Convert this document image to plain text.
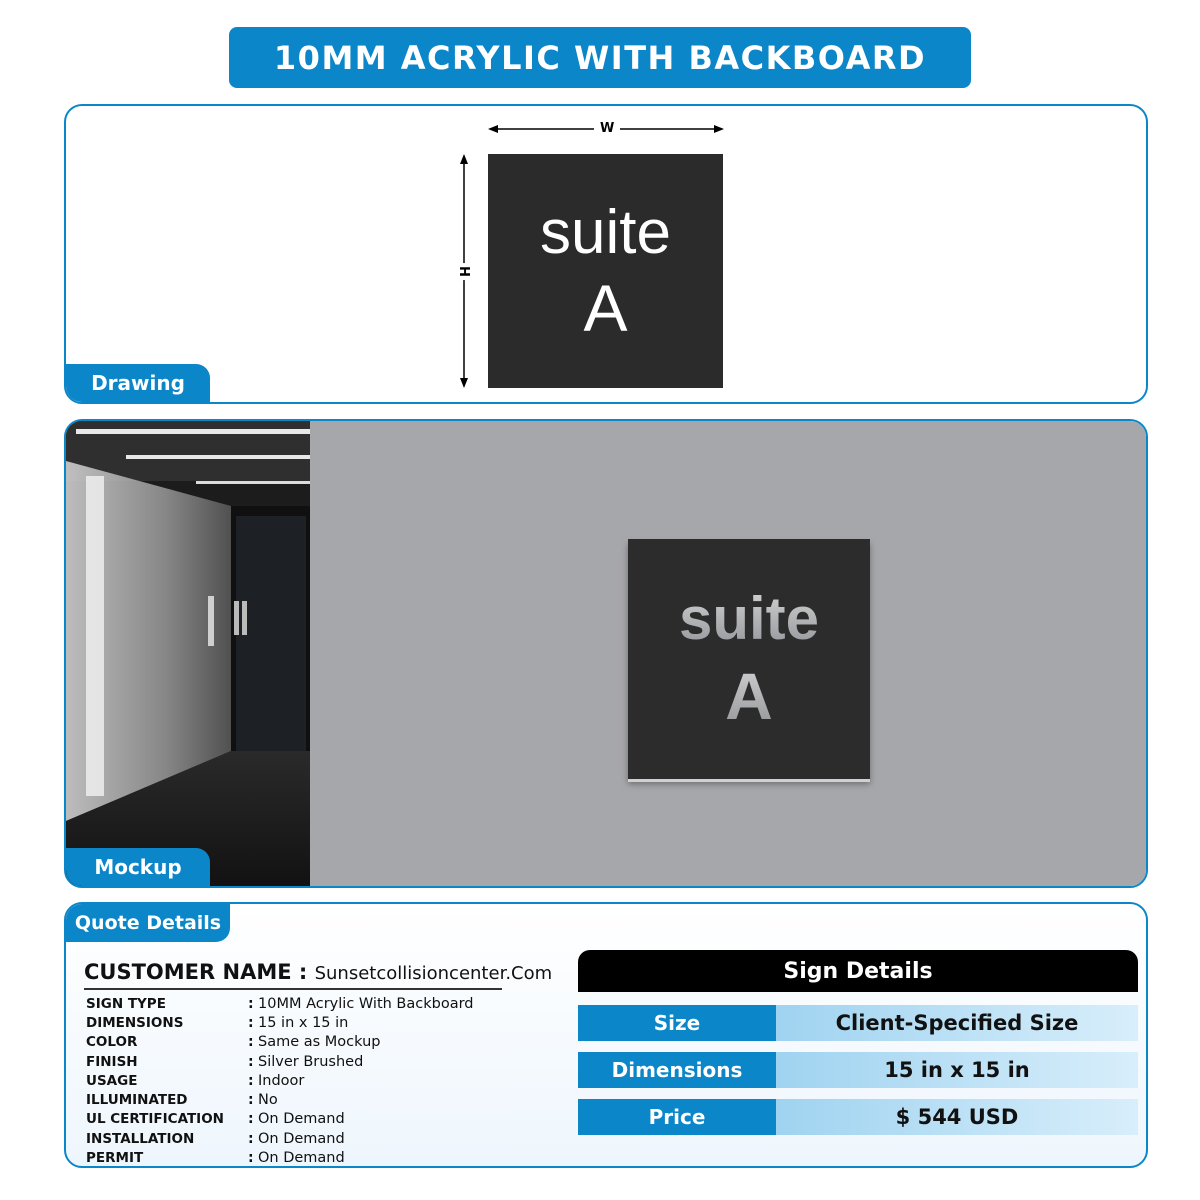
10MM ACRYLIC WITH BACKBOARD
Drawing
W
H
suite
A
suite
A
Mockup
Quote Details
CUSTOMER NAME : Sunsetcollisioncenter.Com
SIGN TYPE	: 10MM Acrylic With Backboard
DIMENSIONS	: 15 in x 15 in
COLOR	: Same as Mockup
FINISH	: Silver Brushed
USAGE	: Indoor
ILLUMINATED	: No
UL CERTIFICATION	: On Demand
INSTALLATION	: On Demand
PERMIT	: On Demand
Sign Details
Size	Client-Specified Size
Dimensions	15 in x 15 in
Price	$ 544 USD
